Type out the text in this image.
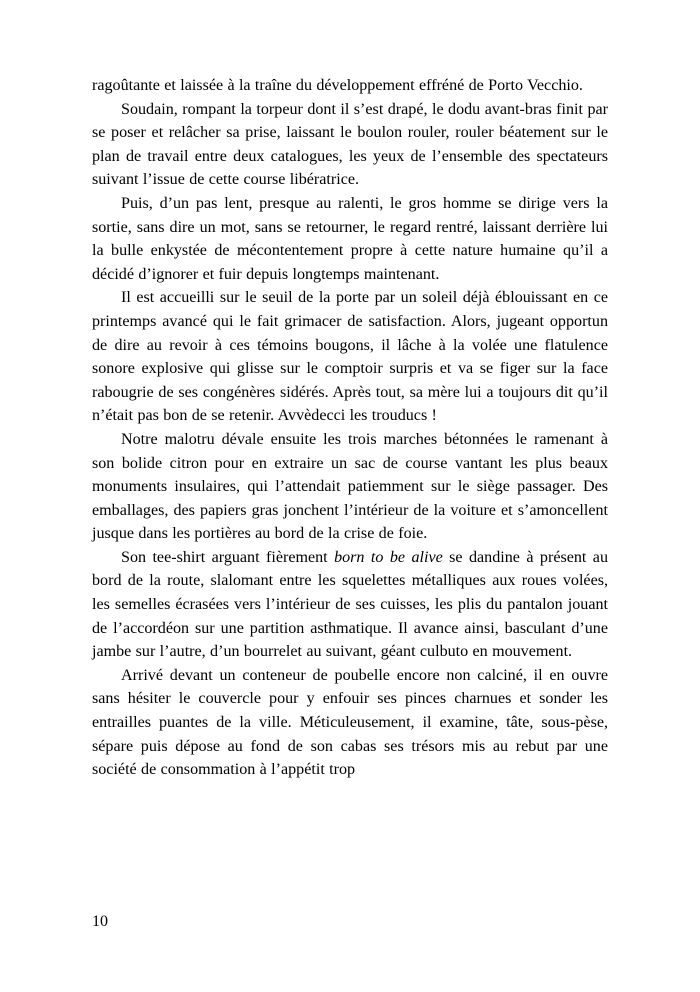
ragoûtante et laissée à la traîne du développement effréné de Porto Vecchio.

Soudain, rompant la torpeur dont il s’est drapé, le dodu avant-bras finit par se poser et relâcher sa prise, laissant le boulon rouler, rouler béatement sur le plan de travail entre deux catalogues, les yeux de l’ensemble des spectateurs suivant l’issue de cette course libératrice.

Puis, d’un pas lent, presque au ralenti, le gros homme se dirige vers la sortie, sans dire un mot, sans se retourner, le regard rentré, laissant derrière lui la bulle enkystée de mécontentement propre à cette nature humaine qu’il a décidé d’ignorer et fuir depuis longtemps maintenant.

Il est accueilli sur le seuil de la porte par un soleil déjà éblouissant en ce printemps avancé qui le fait grimacer de satisfaction. Alors, jugeant opportun de dire au revoir à ces témoins bougons, il lâche à la volée une flatulence sonore explosive qui glisse sur le comptoir surpris et va se figer sur la face rabougrie de ses congénères sidérés. Après tout, sa mère lui a toujours dit qu’il n’était pas bon de se retenir. Avvèdecci les trouducs !

Notre malotru dévale ensuite les trois marches bétonnées le ramenant à son bolide citron pour en extraire un sac de course vantant les plus beaux monuments insulaires, qui l’attendait patiemment sur le siège passager. Des emballages, des papiers gras jonchent l’intérieur de la voiture et s’amoncellent jusque dans les portières au bord de la crise de foie.

Son tee-shirt arguant fièrement born to be alive se dandine à présent au bord de la route, slalomant entre les squelettes métalliques aux roues volées, les semelles écrasées vers l’intérieur de ses cuisses, les plis du pantalon jouant de l’accordéon sur une partition asthmatique. Il avance ainsi, basculant d’une jambe sur l’autre, d’un bourrelet au suivant, géant culbuto en mouvement.

Arrivé devant un conteneur de poubelle encore non calciné, il en ouvre sans hésiter le couvercle pour y enfouir ses pinces charnues et sonder les entrailles puantes de la ville. Méticuleusement, il examine, tâte, sous-pèse, sépare puis dépose au fond de son cabas ses trésors mis au rebut par une société de consommation à l’appétit trop

10
